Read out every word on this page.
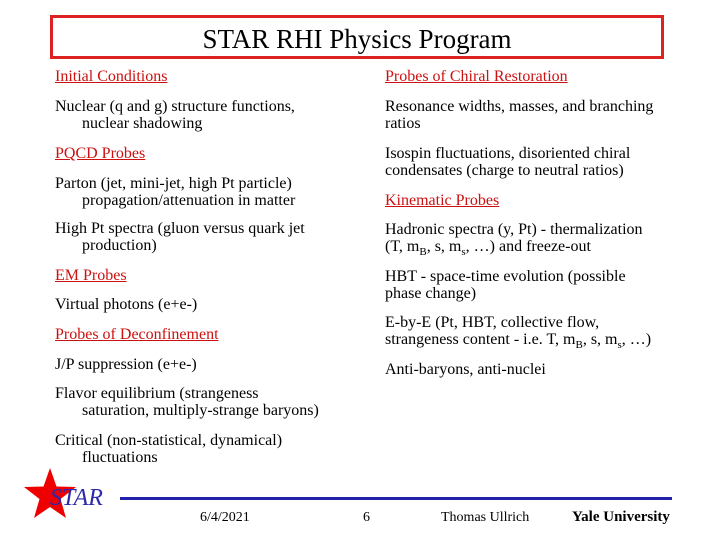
STAR RHI Physics Program
Initial Conditions
Nuclear (q and g) structure functions,
nuclear shadowing
PQCD Probes
Parton (jet, mini-jet, high Pt particle)
propagation/attenuation in matter
High Pt spectra (gluon versus quark jet
production)
EM Probes
Virtual photons (e+e-)
Probes of Deconfinement
J/P suppression (e+e-)
Flavor equilibrium (strangeness
saturation, multiply-strange baryons)
Critical (non-statistical, dynamical)
fluctuations
Probes of Chiral Restoration
Resonance widths, masses, and branching
ratios
Isospin fluctuations, disoriented chiral
condensates (charge to neutral ratios)
Kinematic Probes
Hadronic spectra (y, Pt) - thermalization
(T, $m_B$, s, $m_s$, …) and freeze-out
HBT - space-time evolution (possible
phase change)
E-by-E (Pt, HBT, collective flow,
strangeness content - i.e. T, $m_B$, s, $m_s$, …)
Anti-baryons, anti-nuclei
STAR
6/4/2021	6	Thomas Ullrich	Yale University
